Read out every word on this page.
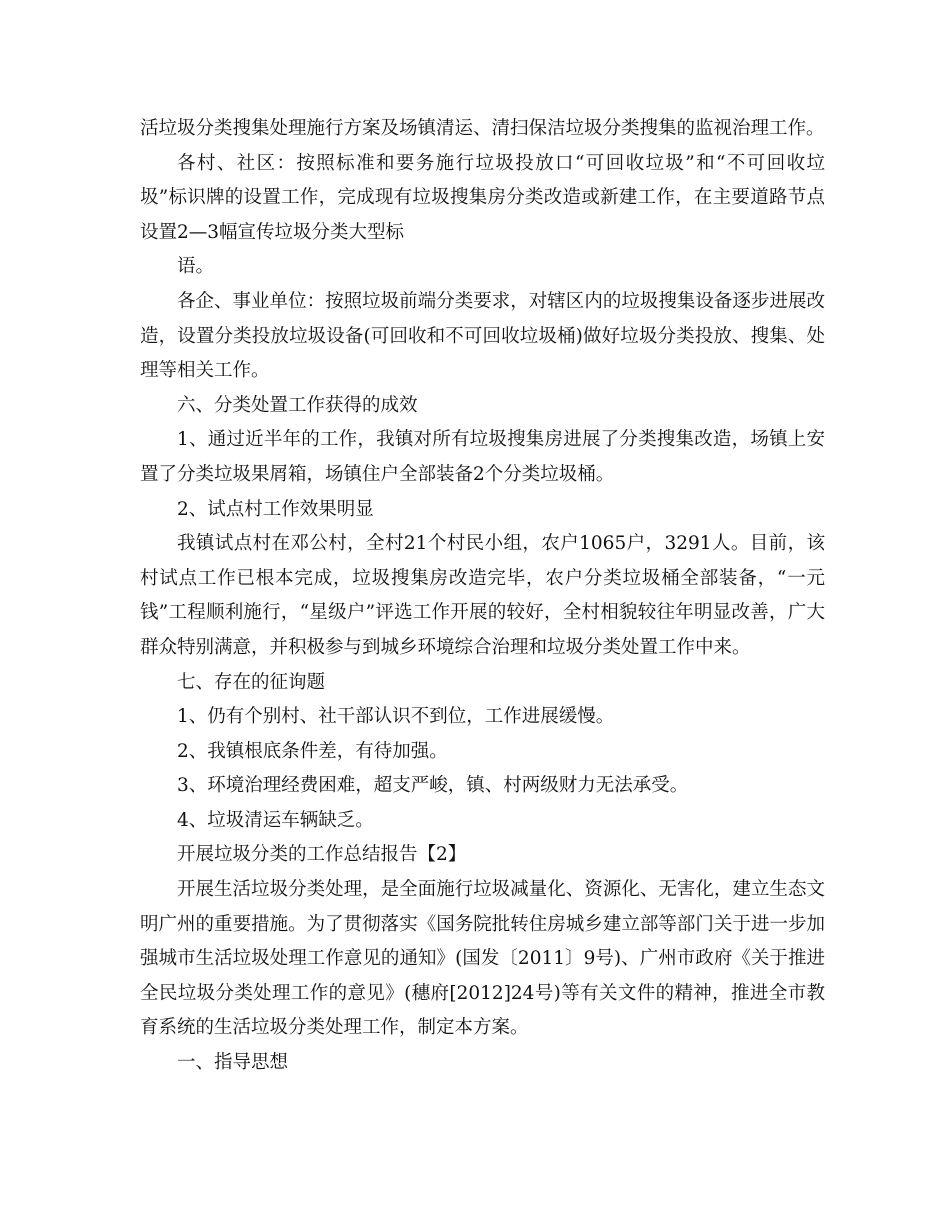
活垃圾分类搜集处理施行方案及场镇清运、清扫保洁垃圾分类搜集的监视治理工作。

各村、社区：按照标准和要务施行垃圾投放口“可回收垃圾”和“不可回收垃圾”标识牌的设置工作，完成现有垃圾搜集房分类改造或新建工作，在主要道路节点设置2—3幅宣传垃圾分类大型标

语。

各企、事业单位：按照垃圾前端分类要求，对辖区内的垃圾搜集设备逐步进展改造，设置分类投放垃圾设备(可回收和不可回收垃圾桶)做好垃圾分类投放、搜集、处理等相关工作。

六、分类处置工作获得的成效

1、通过近半年的工作，我镇对所有垃圾搜集房进展了分类搜集改造，场镇上安置了分类垃圾果屑箱，场镇住户全部装备2个分类垃圾桶。

2、试点村工作效果明显

我镇试点村在邓公村，全村21个村民小组，农户1065户，3291人。目前，该村试点工作已根本完成，垃圾搜集房改造完毕，农户分类垃圾桶全部装备，“一元钱”工程顺利施行，“星级户”评选工作开展的较好，全村相貌较往年明显改善，广大群众特别满意，并积极参与到城乡环境综合治理和垃圾分类处置工作中来。

七、存在的征询题

1、仍有个别村、社干部认识不到位，工作进展缓慢。

2、我镇根底条件差，有待加强。

3、环境治理经费困难，超支严峻，镇、村两级财力无法承受。

4、垃圾清运车辆缺乏。

开展垃圾分类的工作总结报告【2】

开展生活垃圾分类处理，是全面施行垃圾减量化、资源化、无害化，建立生态文明广州的重要措施。为了贯彻落实《国务院批转住房城乡建立部等部门关于进一步加强城市生活垃圾处理工作意见的通知》(国发〔2011〕9号)、广州市政府《关于推进全民垃圾分类处理工作的意见》(穗府[2012]24号)等有关文件的精神，推进全市教育系统的生活垃圾分类处理工作，制定本方案。

一、指导思想
